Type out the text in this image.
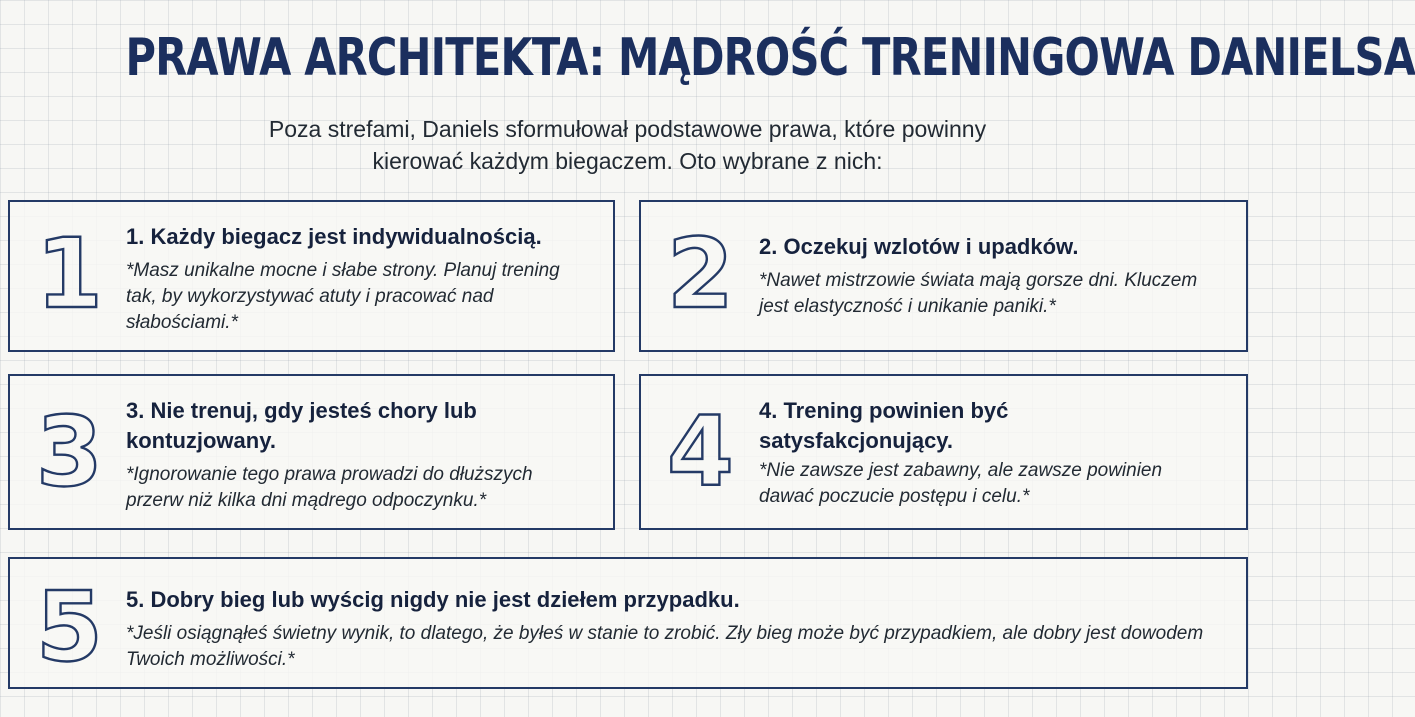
PRAWA ARCHITEKTA: MĄDROŚĆ TRENINGOWA DANIELSA
Poza strefami, Daniels sformułował podstawowe prawa, które powinny
kierować każdym biegaczem. Oto wybrane z nich:
1 1. Każdy biegacz jest indywidualnością.

*Masz unikalne mocne i słabe strony. Planuj trening tak, by wykorzystywać atuty i pracować nad słabościami.*	2 2. Oczekuj wzlotów i upadków.

*Nawet mistrzowie świata mają gorsze dni. Kluczem jest elastyczność i unikanie paniki.*

3 3. Nie trenuj, gdy jesteś chory lub kontuzjowany.

*Ignorowanie tego prawa prowadzi do dłuższych przerw niż kilka dni mądrego odpoczynku.*	4 4. Trening powinien być satysfakcjonujący.

*Nie zawsze jest zabawny, ale zawsze powinien dawać poczucie postępu i celu.*

5 5. Dobry bieg lub wyścig nigdy nie jest dziełem przypadku.

*Jeśli osiągnąłeś świetny wynik, to dlatego, że byłeś w stanie to zrobić. Zły bieg może być przypadkiem, ale dobry jest dowodem Twoich możliwości.*
